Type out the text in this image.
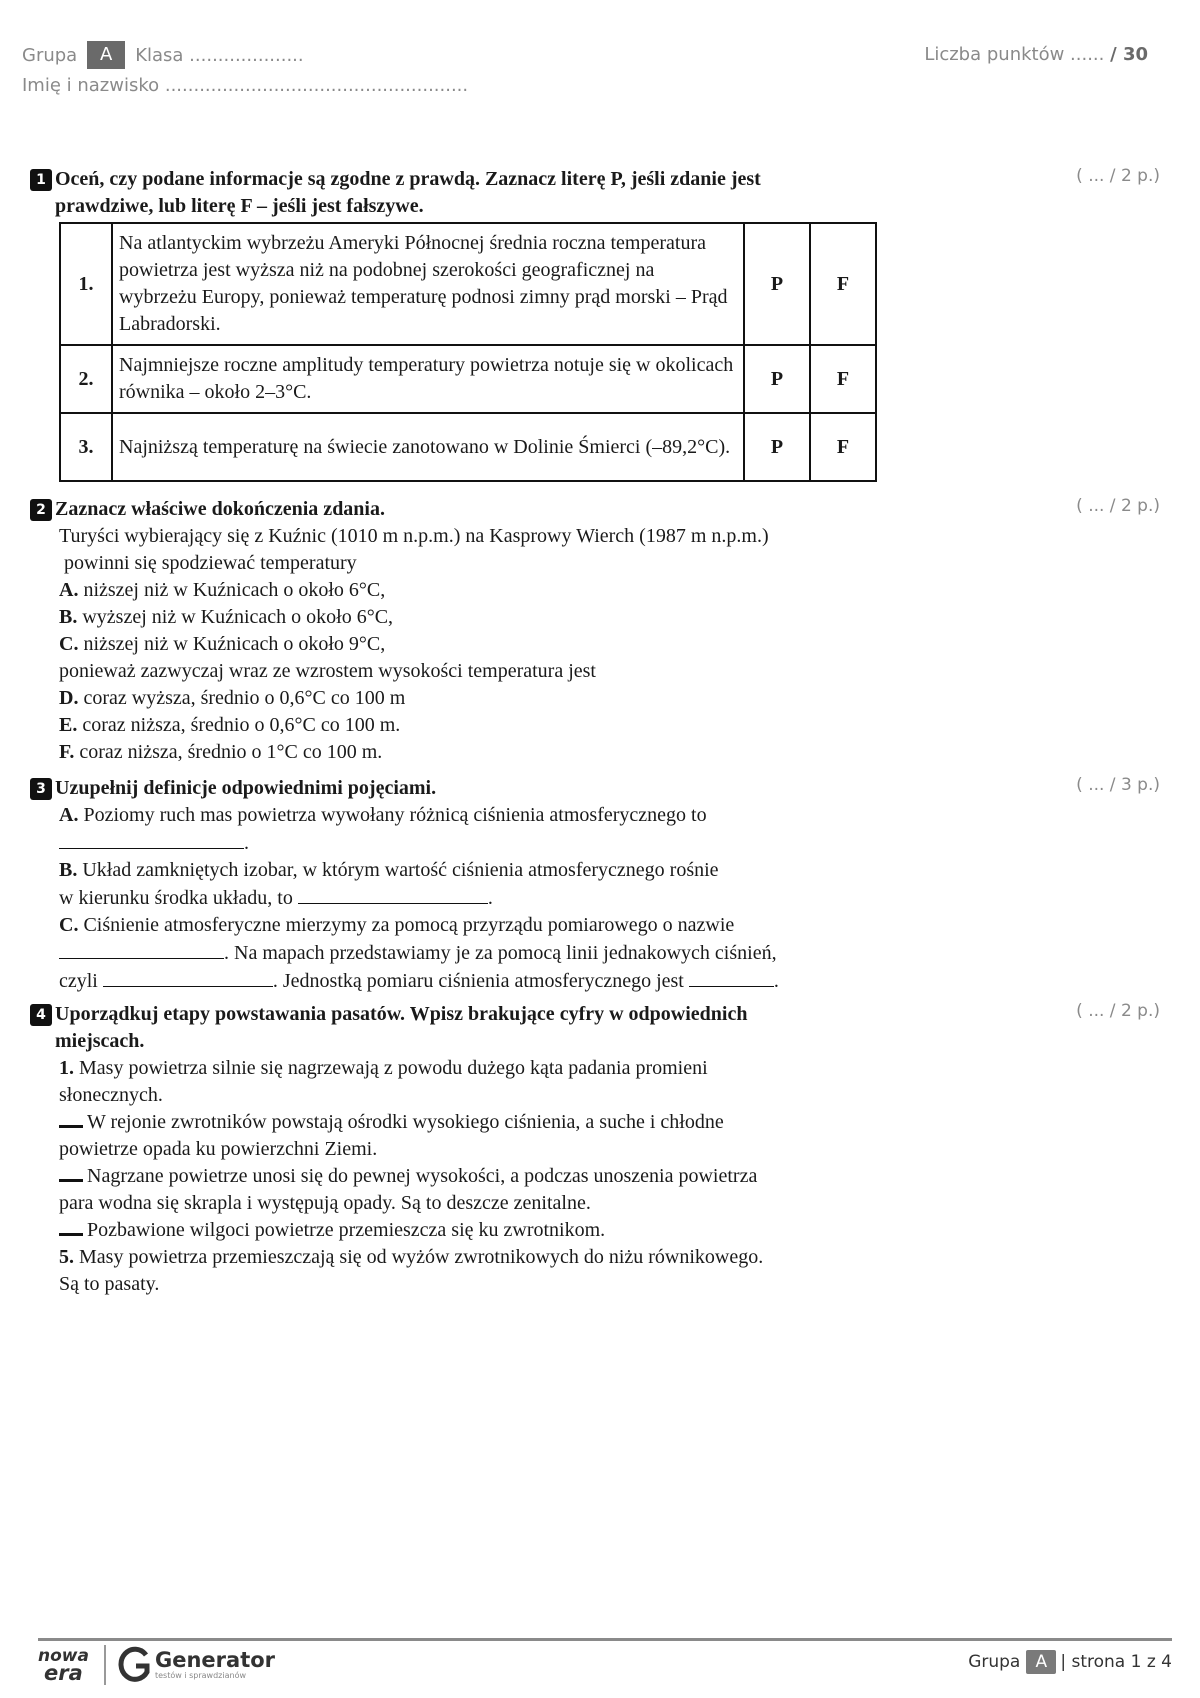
Grupa	A	Klasa ....................
Imię i nazwisko .....................................................
Liczba punktów ...... / 30
1 Oceń, czy podane informacje są zgodne z prawdą. Zaznacz literę P, jeśli zdanie jest
prawdziwe, lub literę F – jeśli jest fałszywe.
1.	Na atlantyckim wybrzeżu Ameryki Północnej średnia roczna temperatura powietrza jest wyższa niż na podobnej szerokości geograficznej na wybrzeżu Europy, ponieważ temperaturę podnosi zimny prąd morski – Prąd Labradorski.	P	F
2.	Najmniejsze roczne amplitudy temperatury powietrza notuje się w okolicach równika – około 2–3°C.	P	F
3.	Najniższą temperaturę na świecie zanotowano w Dolinie Śmierci (–89,2°C).	P	F
( ... / 2 p.)
2 Zaznacz właściwe dokończenia zdania.
Turyści wybierający się z Kuźnic (1010 m n.p.m.) na Kasprowy Wierch (1987 m n.p.m.)
powinni się spodziewać temperatury
A. niższej niż w Kuźnicach o około 6°C,
B. wyższej niż w Kuźnicach o około 6°C,
C. niższej niż w Kuźnicach o około 9°C,
ponieważ zazwyczaj wraz ze wzrostem wysokości temperatura jest
D. coraz wyższa, średnio o 0,6°C co 100 m
E. coraz niższa, średnio o 0,6°C co 100 m.
F. coraz niższa, średnio o 1°C co 100 m.
( ... / 2 p.)
3 Uzupełnij definicje odpowiednimi pojęciami.
A. Poziomy ruch mas powietrza wywołany różnicą ciśnienia atmosferycznego to
.
B. Układ zamkniętych izobar, w którym wartość ciśnienia atmosferycznego rośnie
w kierunku środka układu, to	.
C. Ciśnienie atmosferyczne mierzymy za pomocą przyrządu pomiarowego o nazwie
. Na mapach przedstawiamy je za pomocą linii jednakowych ciśnień,
czyli	. Jednostką pomiaru ciśnienia atmosferycznego jest	.
( ... / 3 p.)
4 Uporządkuj etapy powstawania pasatów. Wpisz brakujące cyfry w odpowiednich
miejscach.
1. Masy powietrza silnie się nagrzewają z powodu dużego kąta padania promieni
słonecznych.
W rejonie zwrotników powstają ośrodki wysokiego ciśnienia, a suche i chłodne
powietrze opada ku powierzchni Ziemi.
Nagrzane powietrze unosi się do pewnej wysokości, a podczas unoszenia powietrza
para wodna się skrapla i występują opady. Są to deszcze zenitalne.
Pozbawione wilgoci powietrze przemieszcza się ku zwrotnikom.
5. Masy powietrza przemieszczają się od wyżów zwrotnikowych do niżu równikowego.
Są to pasaty.
( ... / 2 p.)
nowa
era
Generator
testów i sprawdzianów
Grupa A | strona 1 z 4
